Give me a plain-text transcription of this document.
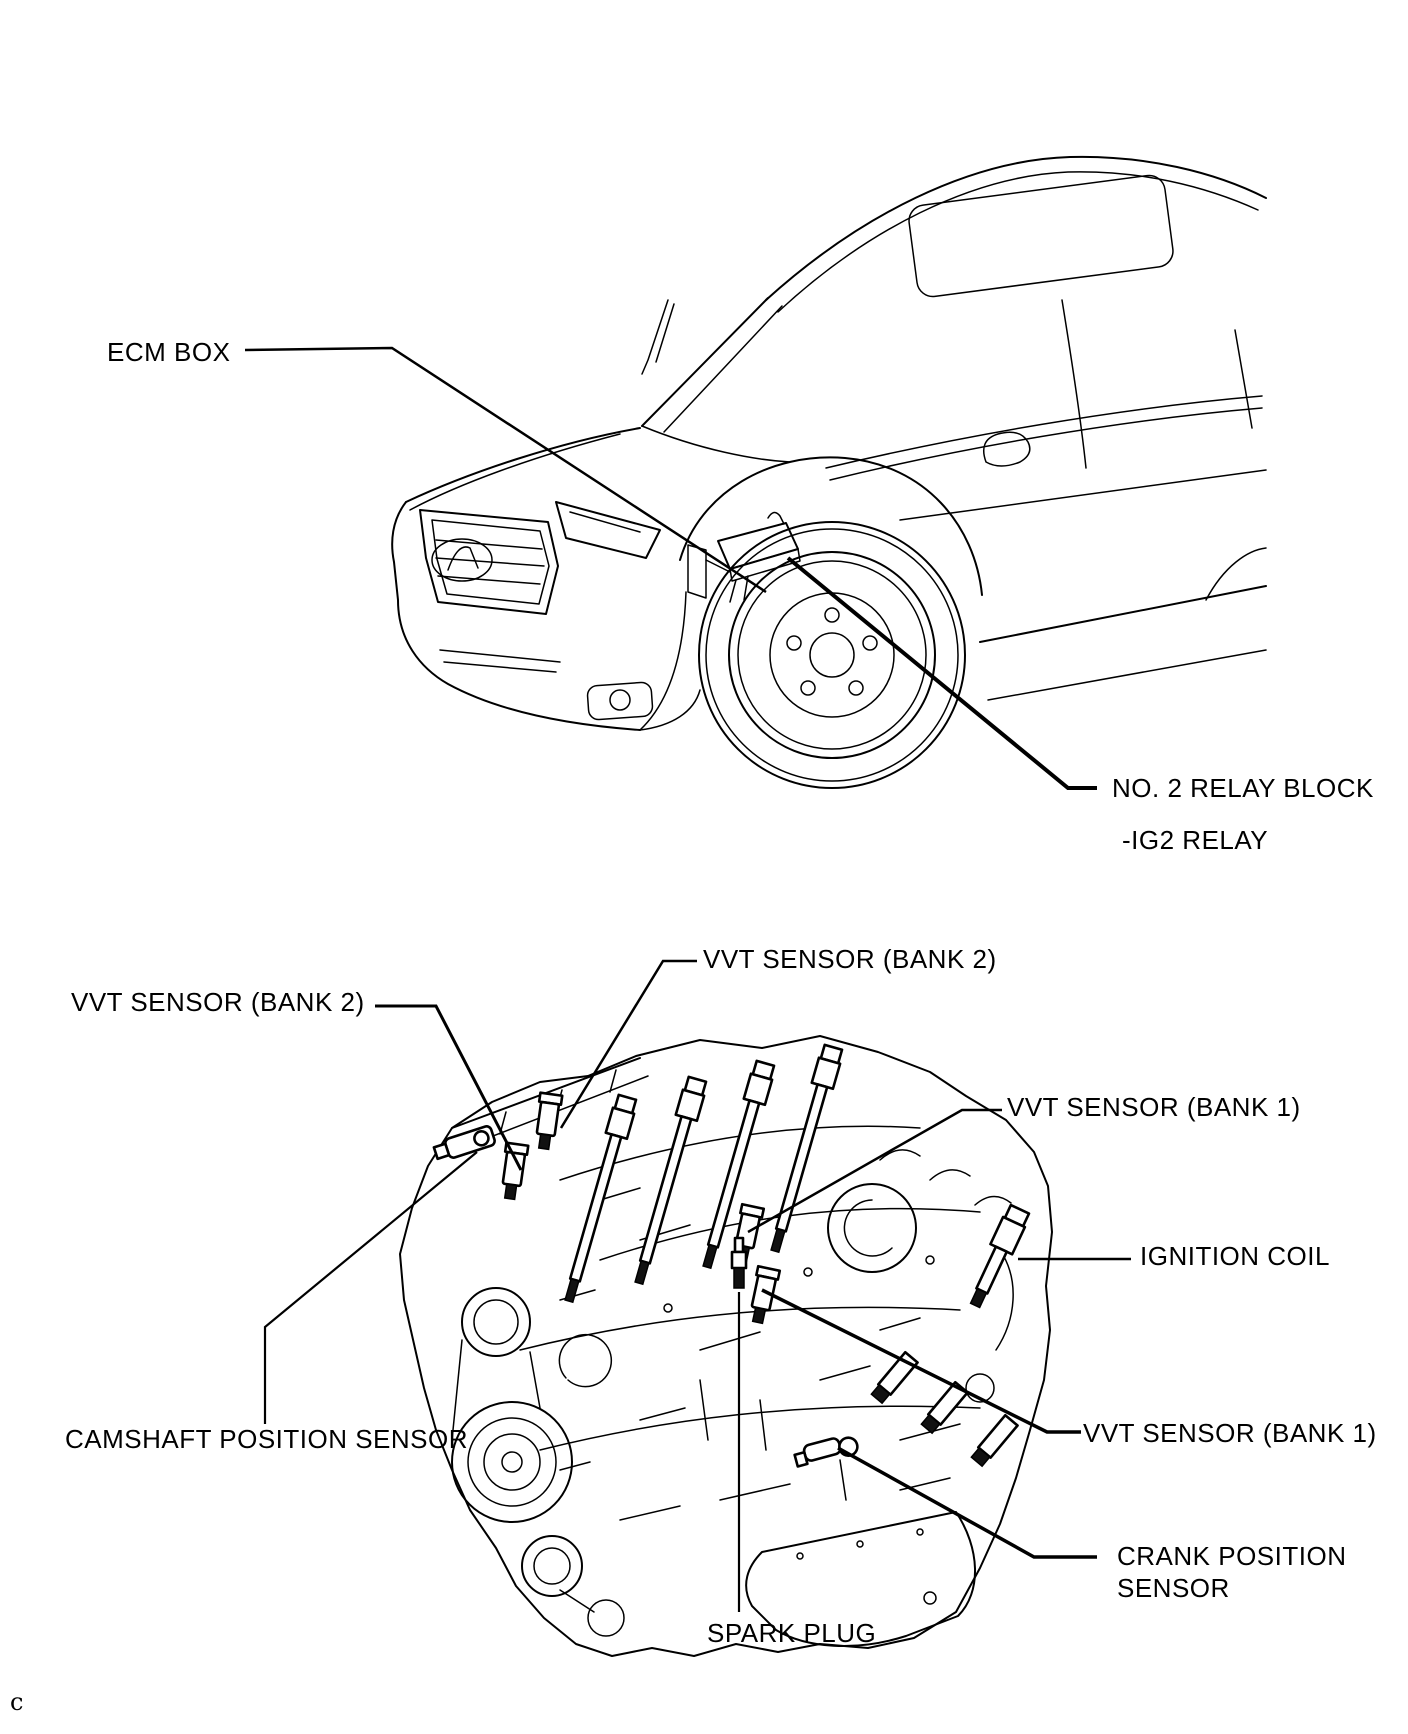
ECM BOX
NO. 2 RELAY BLOCK
-IG2 RELAY
VVT SENSOR (BANK 2)
VVT SENSOR (BANK 2)
VVT SENSOR (BANK 1)
IGNITION COIL
CAMSHAFT POSITION SENSOR	VVT SENSOR (BANK 1)
CRANK POSITION
SENSOR
SPARK PLUG
c
